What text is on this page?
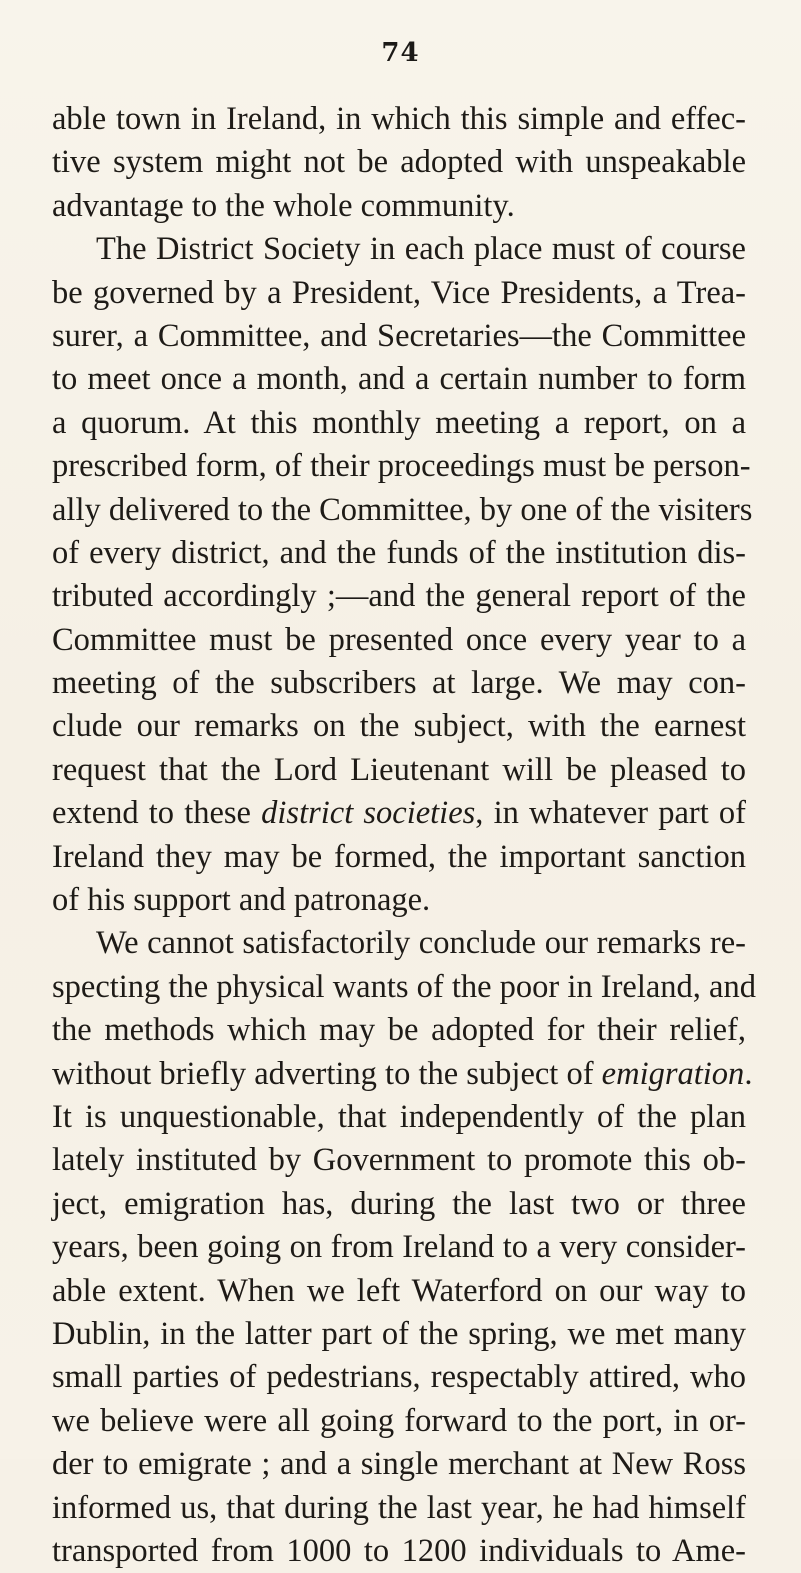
74
able town in Ireland, in which this simple and effec-
tive system might not be adopted with unspeakable
advantage to the whole community.
The District Society in each place must of course
be governed by a President, Vice Presidents, a Trea-
surer, a Committee, and Secretaries—the Committee
to meet once a month, and a certain number to form
a quorum. At this monthly meeting a report, on a
prescribed form, of their proceedings must be person-
ally delivered to the Committee, by one of the visiters
of every district, and the funds of the institution dis-
tributed accordingly ;—and the general report of the
Committee must be presented once every year to a
meeting of the subscribers at large. We may con-
clude our remarks on the subject, with the earnest
request that the Lord Lieutenant will be pleased to
extend to these district societies, in whatever part of
Ireland they may be formed, the important sanction
of his support and patronage.
We cannot satisfactorily conclude our remarks re-
specting the physical wants of the poor in Ireland, and
the methods which may be adopted for their relief,
without briefly adverting to the subject of emigration.
It is unquestionable, that independently of the plan
lately instituted by Government to promote this ob-
ject, emigration has, during the last two or three
years, been going on from Ireland to a very consider-
able extent. When we left Waterford on our way to
Dublin, in the latter part of the spring, we met many
small parties of pedestrians, respectably attired, who
we believe were all going forward to the port, in or-
der to emigrate ; and a single merchant at New Ross
informed us, that during the last year, he had himself
transported from 1000 to 1200 individuals to Ame-
